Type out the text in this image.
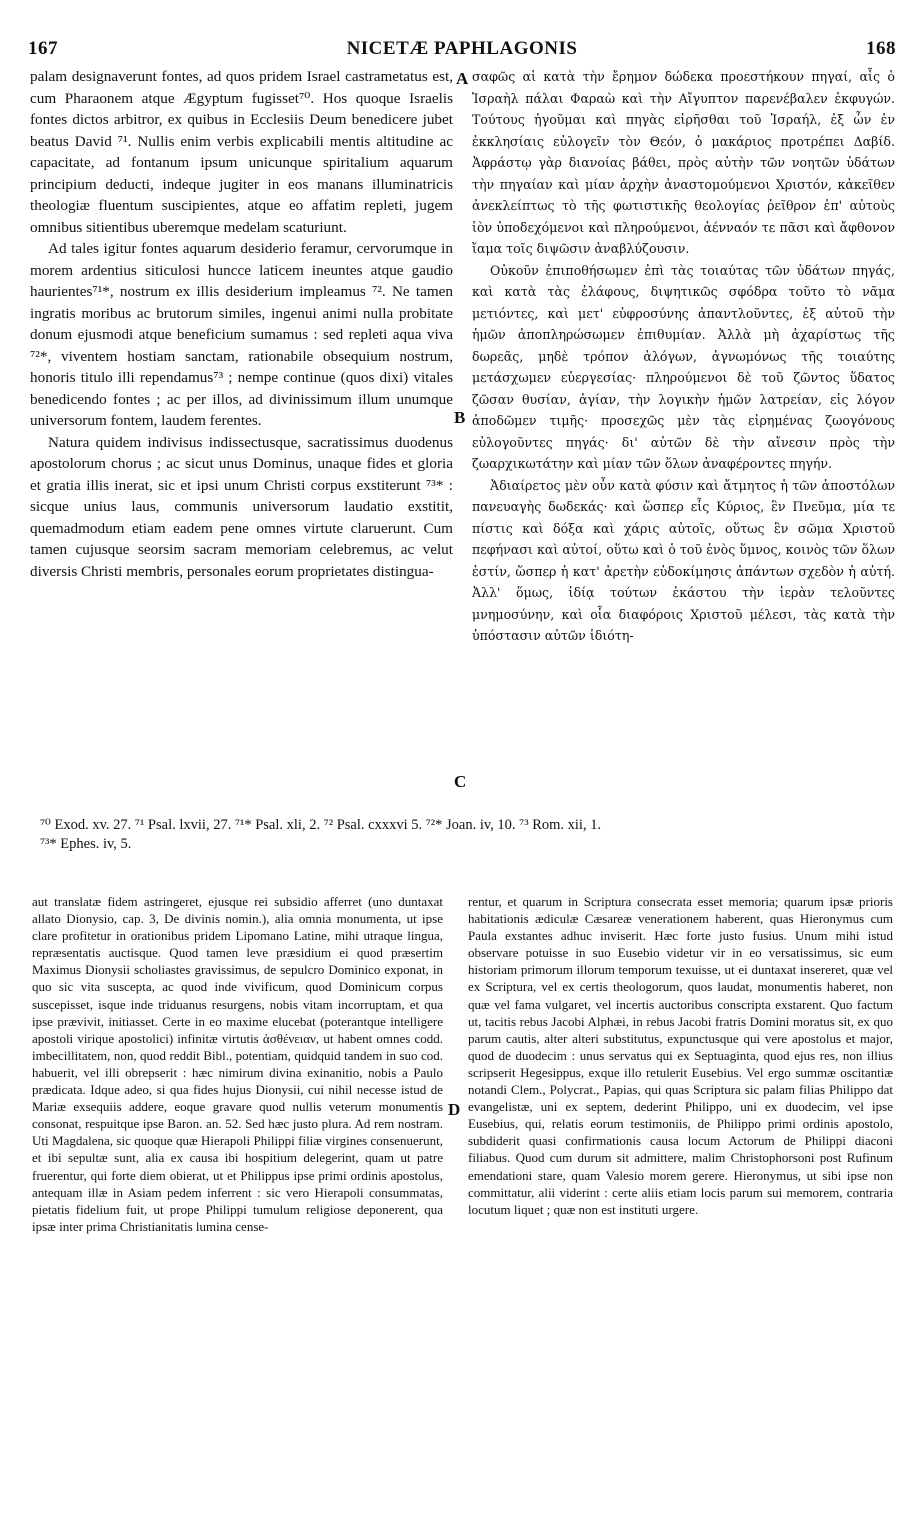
NICETÆ PAPHLAGONIS
167	168

palam designaverunt fontes, ad quos pridem Israel castrametatus est, cum Pharaonem atque Ægyptum fugisset⁷⁰. Hos quoque Israelis fontes dictos arbitror, ex quibus in Ecclesiis Deum benedicere jubet beatus David ⁷¹. Nullis enim verbis explicabili mentis altitudine ac capacitate, ad fontanum ipsum unicunque spiritalium aquarum principium deducti, indeque jugiter in eos manans illuminatricis theologiæ fluentum suscipientes, atque eo affatim repleti, jugem omnibus sitientibus uberemque medelam scaturiunt.

Ad tales igitur fontes aquarum desiderio feramur, cervorumque in morem ardentius siticulosi huncce laticem ineuntes atque gaudio haurientes⁷¹*, nostrum ex illis desiderium impleamus ⁷². Ne tamen ingratis moribus ac brutorum similes, ingenui animi nulla probitate donum ejusmodi atque beneficium sumamus : sed repleti aqua viva ⁷²*, viventem hostiam sanctam, rationabile obsequium nostrum, honoris titulo illi rependamus⁷³ ; nempe continue (quos dixi) vitales benedicendo fontes ; ac per illos, ad divinissimum illum unumque universorum fontem, laudem ferentes.

Natura quidem indivisus indissectusque, sacratissimus duodenus apostolorum chorus ; ac sicut unus Dominus, unaque fides et gloria et gratia illis inerat, sic et ipsi unum Christi corpus exstiterunt ⁷³* : sicque unius laus, communis universorum laudatio exstitit, quemadmodum etiam eadem pene omnes virtute claruerunt. Cum tamen cujusque seorsim sacram memoriam celebremus, ac velut diversis Christi membris, personales eorum proprietates distingua-

σαφῶς αἱ κατὰ τὴν ἔρημον δώδεκα προεστήκουν πηγαί, αἷς ὁ Ἰσραὴλ πάλαι Φαραὼ καὶ τὴν Αἴγυπτον παρενέβαλεν ἐκφυγών. Τούτους ἡγοῦμαι καὶ πηγὰς εἰρῆσθαι τοῦ Ἰσραήλ, ἐξ ὧν ἐν ἐκκλησίαις εὐλογεῖν τὸν Θεόν, ὁ μακάριος προτρέπει Δαβίδ. Ἀφράστῳ γὰρ διανοίας βάθει, πρὸς αὐτὴν τῶν νοητῶν ὑδάτων τὴν πηγαίαν καὶ μίαν ἀρχὴν ἀναστομούμενοι Χριστόν, κἀκεῖθεν ἀνεκλείπτως τὸ τῆς φωτιστικῆς θεολογίας ῥεῖθρον ἐπ' αὐτοὺς ἰὸν ὑποδεχόμενοι καὶ πληρούμενοι, ἀένναόν τε πᾶσι καὶ ἄφθονον ἴαμα τοῖς διψῶσιν ἀναβλύζουσιν.

Οὐκοῦν ἐπιποθήσωμεν ἐπὶ τὰς τοιαύτας τῶν ὑδάτων πηγάς, καὶ κατὰ τὰς ἐλάφους, διψητικῶς σφόδρα τοῦτο τὸ νᾶμα μετιόντες, καὶ μετ' εὐφροσύνης ἀπαντλοῦντες, ἐξ αὐτοῦ τὴν ἡμῶν ἀποπληρώσωμεν ἐπιθυμίαν. Ἀλλὰ μὴ ἀχαρίστως τῆς δωρεᾶς, μηδὲ τρόπον ἀλόγων, ἀγνωμόνως τῆς τοιαύτης μετάσχωμεν εὐεργεσίας· πληρούμενοι δὲ τοῦ ζῶντος ὕδατος ζῶσαν θυσίαν, ἁγίαν, τὴν λογικὴν ἡμῶν λατρείαν, εἰς λόγον ἀποδῶμεν τιμῆς· προσεχῶς μὲν τὰς εἰρημένας ζωογόνους εὐλογοῦντες πηγάς· δι' αὐτῶν δὲ τὴν αἴνεσιν πρὸς τὴν ζωαρχικωτάτην καὶ μίαν τῶν ὅλων ἀναφέροντες πηγήν.

Ἀδιαίρετος μὲν οὖν κατὰ φύσιν καὶ ἄτμητος ἡ τῶν ἀποστόλων πανευαγὴς δωδεκάς· καὶ ὥσπερ εἷς Κύριος, ἓν Πνεῦμα, μία τε πίστις καὶ δόξα καὶ χάρις αὐτοῖς, οὕτως ἓν σῶμα Χριστοῦ πεφήνασι καὶ αὐτοί, οὕτω καὶ ὁ τοῦ ἑνὸς ὕμνος, κοινὸς τῶν ὅλων ἐστίν, ὥσπερ ἡ κατ' ἀρετὴν εὐδοκίμησις ἁπάντων σχεδὸν ἡ αὐτή. Ἀλλ' ὅμως, ἰδίᾳ τούτων ἑκάστου τὴν ἱερὰν τελοῦντες μνημοσύνην, καὶ οἷα διαφόροις Χριστοῦ μέλεσι, τὰς κατὰ τὴν ὑπόστασιν αὐτῶν ἰδιότη-

A
B
C
D

⁷⁰ Exod. xv. 27. ⁷¹ Psal. lxvii, 27. ⁷¹* Psal. xli, 2. ⁷² Psal. cxxxvi 5. ⁷²* Joan. iv, 10. ⁷³ Rom. xii, 1.

⁷³* Ephes. iv, 5.

aut translatæ fidem astringeret, ejusque rei subsidio afferret (uno duntaxat allato Dionysio, cap. 3, De divinis nomin.), alia omnia monumenta, ut ipse clare profitetur in orationibus pridem Lipomano Latine, mihi utraque lingua, repræsentatis auctisque. Quod tamen leve præsidium ei quod præsertim Maximus Dionysii scholiastes gravissimus, de sepulcro Dominico exponat, in quo sic vita suscepta, ac quod inde vivificum, quod Dominicum corpus suscepisset, isque inde triduanus resurgens, nobis vitam incorruptam, et qua ipse prævivit, initiasset. Certe in eo maxime elucebat (poterantque intelligere apostoli virique apostolici) infinitæ virtutis ἀσθένειαν, ut habent omnes codd. imbecillitatem, non, quod reddit Bibl., potentiam, quidquid tandem in suo cod. habuerit, vel illi obrepserit : hæc nimirum divina exinanitio, nobis a Paulo prædicata. Idque adeo, si qua fides hujus Dionysii, cui nihil necesse istud de Mariæ exsequiis addere, eoque gravare quod nullis veterum monumentis consonat, respuitque ipse Baron. an. 52. Sed hæc justo plura. Ad rem nostram. Uti Magdalena, sic quoque quæ Hierapoli Philippi filiæ virgines consenuerunt, et ibi sepultæ sunt, alia ex causa ibi hospitium delegerint, quam ut patre fruerentur, qui forte diem obierat, ut et Philippus ipse primi ordinis apostolus, antequam illæ in Asiam pedem inferrent : sic vero Hierapoli consummatas, pietatis fidelium fuit, ut prope Philippi tumulum religiose deponerent, qua ipsæ inter prima Christianitatis lumina cense-

rentur, et quarum in Scriptura consecrata esset memoria; quarum ipsæ prioris habitationis ædiculæ Cæsareæ venerationem haberent, quas Hieronymus cum Paula exstantes adhuc inviserit. Hæc forte justo fusius. Unum mihi istud observare potuisse in suo Eusebio videtur vir in eo versatissimus, sic eum historiam primorum illorum temporum texuisse, ut ei duntaxat insereret, quæ vel ex Scriptura, vel ex certis theologorum, quos laudat, monumentis haberet, non quæ vel fama vulgaret, vel incertis auctoribus conscripta exstarent. Quo factum ut, tacitis rebus Jacobi Alphæi, in rebus Jacobi fratris Domini moratus sit, ex quo parum cautis, alter alteri substitutus, expunctusque qui vere apostolus et major, quod de duodecim : unus servatus qui ex Septuaginta, quod ejus res, non illius scripserit Hegesippus, exque illo retulerit Eusebius. Vel ergo summæ oscitantiæ notandi Clem., Polycrat., Papias, qui quas Scriptura sic palam filias Philippo dat evangelistæ, uni ex septem, dederint Philippo, uni ex duodecim, vel ipse Eusebius, qui, relatis eorum testimoniis, de Philippo primi ordinis apostolo, subdiderit quasi confirmationis causa locum Actorum de Philippi diaconi filiabus. Quod cum durum sit admittere, malim Christophorsoni post Rufinum emendationi stare, quam Valesio morem gerere. Hieronymus, ut sibi ipse non committatur, alii viderint : certe aliis etiam locis parum sui memorem, contraria locutum liquet ; quæ non est instituti urgere.
